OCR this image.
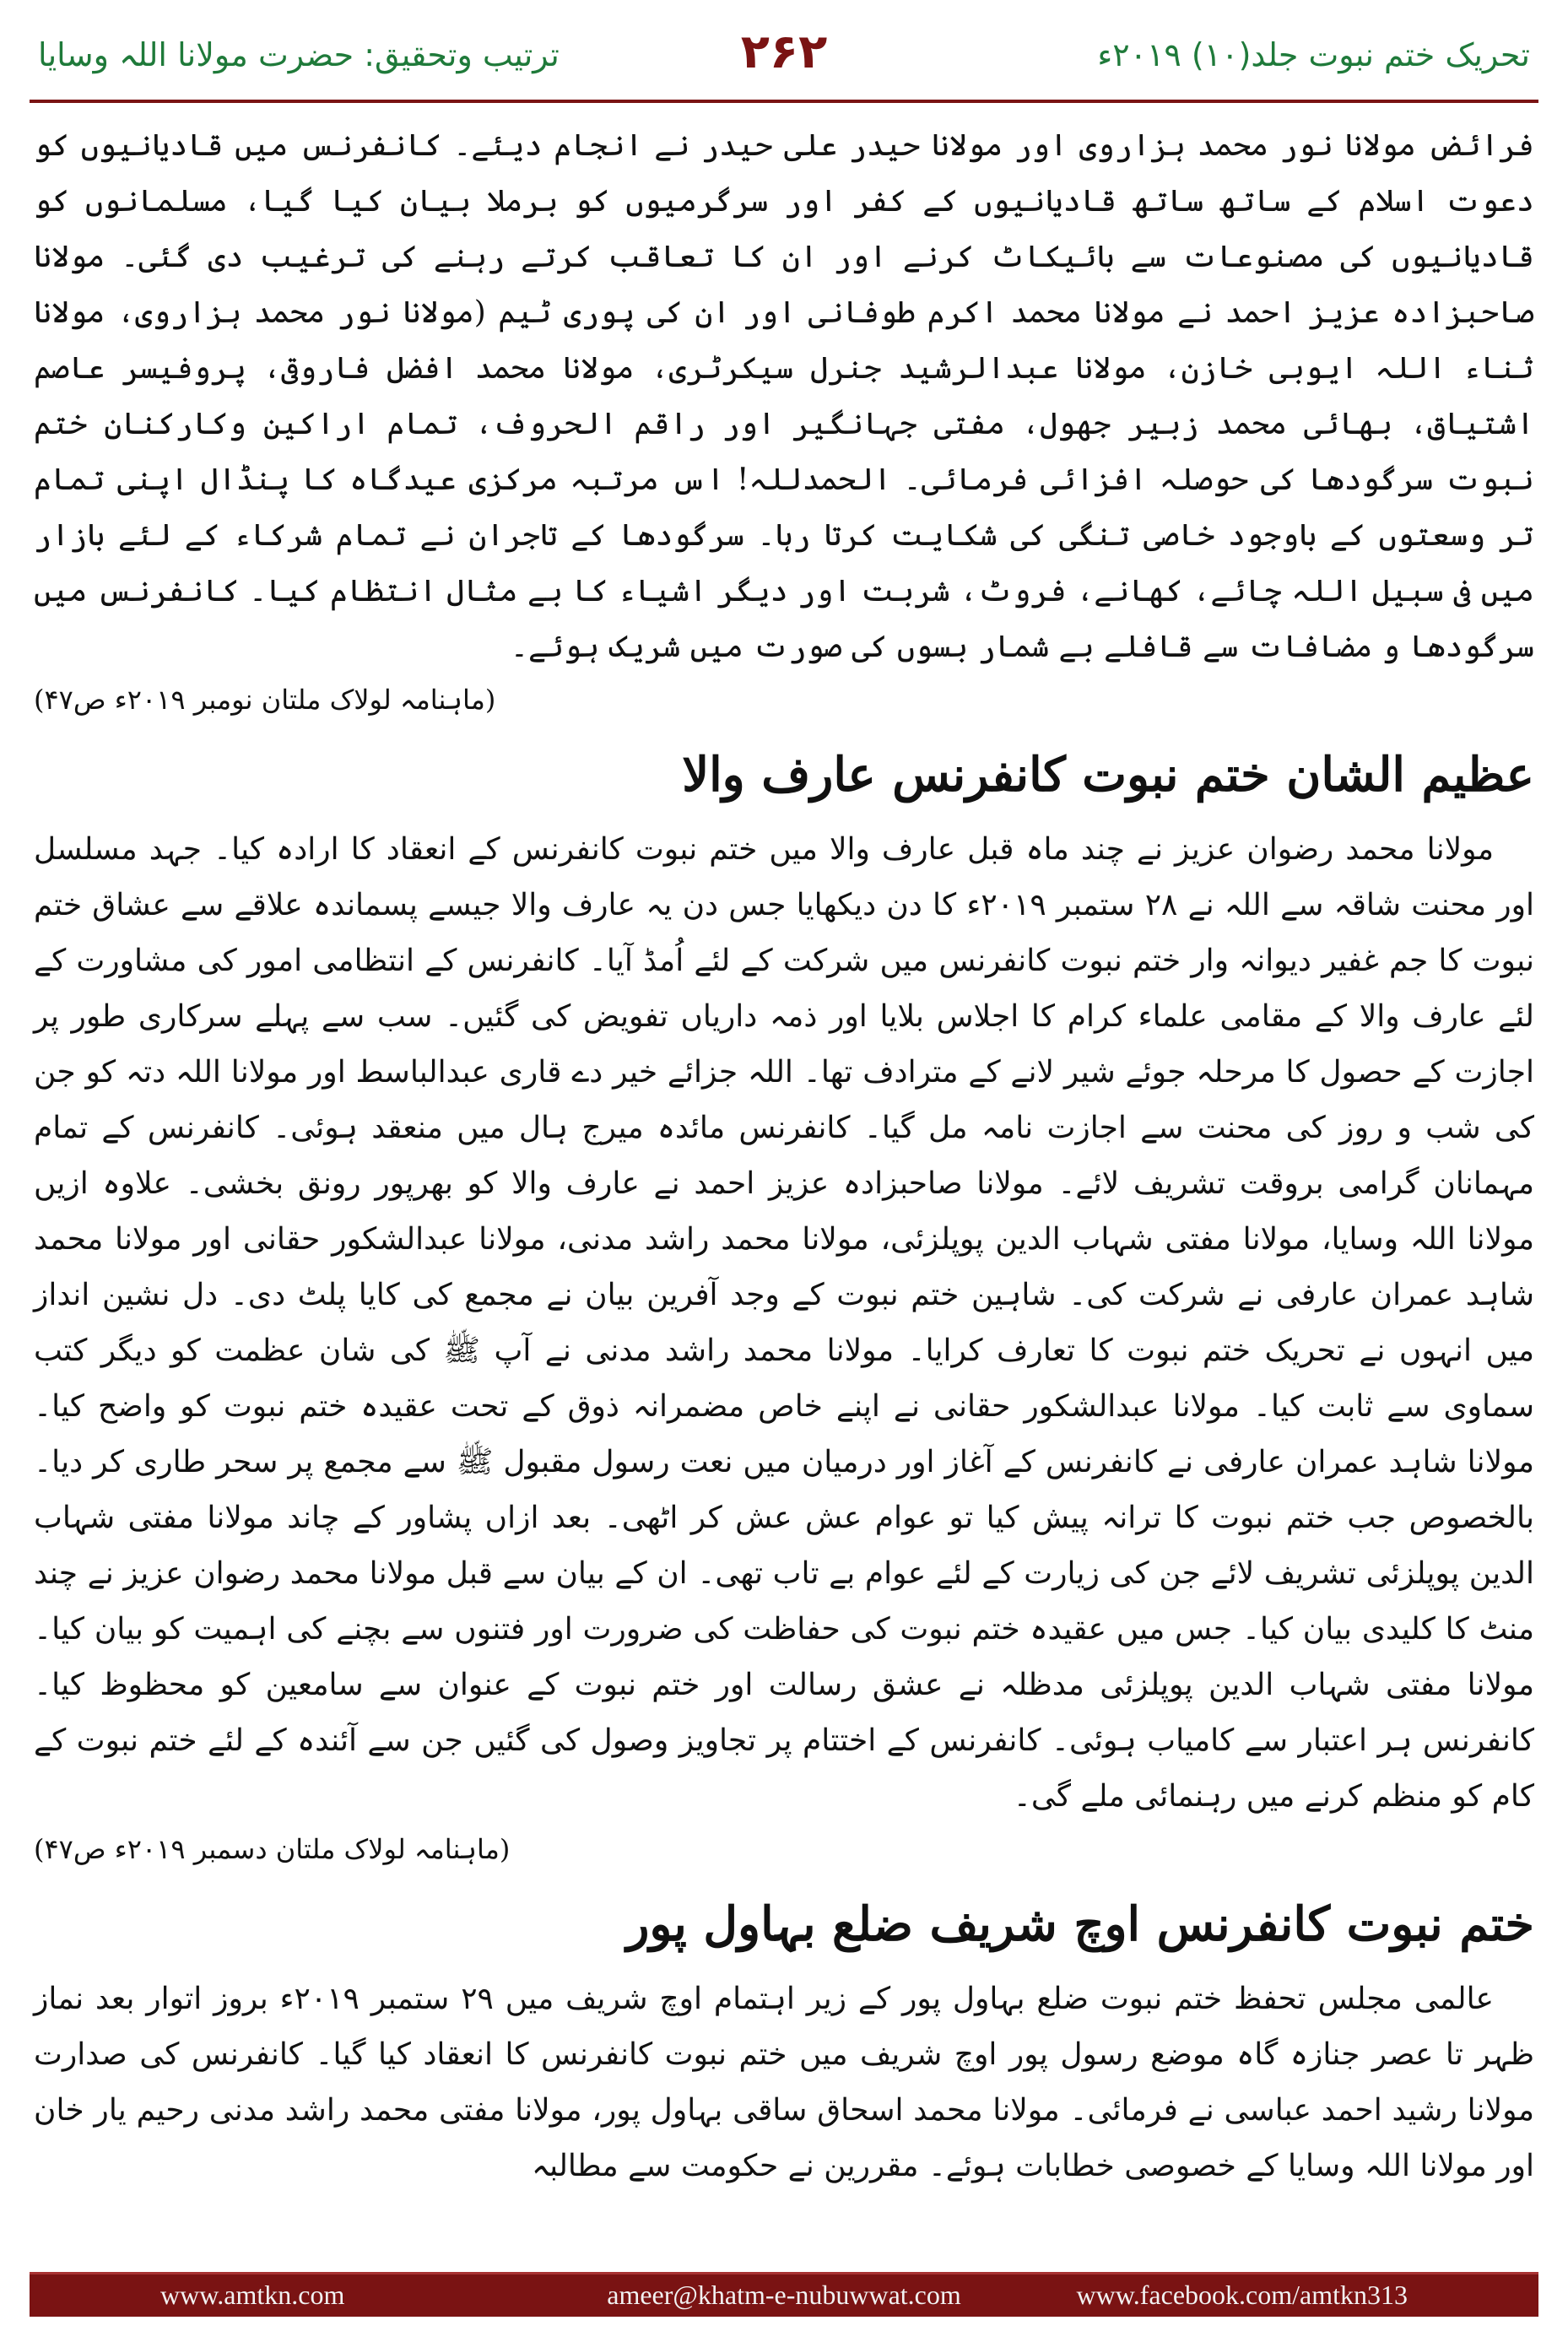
ترتیب وتحقیق: حضرت مولانا اللہ وسایا	۲۶۲	تحریک ختم نبوت جلد(۱۰) ۲۰۱۹ء

فرائض مولانا نور محمد ہزاروی اور مولانا حیدر علی حیدر نے انجام دیئے۔ کانفرنس میں قادیانیوں کو دعوت اسلام کے ساتھ ساتھ قادیانیوں کے کفر اور سرگرمیوں کو برملا بیان کیا گیا، مسلمانوں کو قادیانیوں کی مصنوعات سے بائیکاٹ کرنے اور ان کا تعاقب کرتے رہنے کی ترغیب دی گئی۔ مولانا صاحبزادہ عزیز احمد نے مولانا محمد اکرم طوفانی اور ان کی پوری ٹیم (مولانا نور محمد ہزاروی، مولانا ثناء اللہ ایوبی خازن، مولانا عبدالرشید جنرل سیکرٹری، مولانا محمد افضل فاروقی، پروفیسر عاصم اشتیاق، بھائی محمد زبیر جھول، مفتی جہانگیر اور راقم الحروف، تمام اراکین وکارکنان ختم نبوت سرگودھا کی حوصلہ افزائی فرمائی۔ الحمدللہ! اس مرتبہ مرکزی عیدگاہ کا پنڈال اپنی تمام تر وسعتوں کے باوجود خاصی تنگی کی شکایت کرتا رہا۔ سرگودھا کے تاجران نے تمام شرکاء کے لئے بازار میں فی سبیل اللہ چائے، کھانے، فروٹ، شربت اور دیگر اشیاء کا بے مثال انتظام کیا۔ کانفرنس میں سرگودھا و مضافات سے قافلے بے شمار بسوں کی صورت میں شریک ہوئے۔

(ماہنامہ لولاک ملتان نومبر ۲۰۱۹ء ص۴۷)

عظیم الشان ختم نبوت کانفرنس عارف والا

مولانا محمد رضوان عزیز نے چند ماہ قبل عارف والا میں ختم نبوت کانفرنس کے انعقاد کا ارادہ کیا۔ جہد مسلسل اور محنت شاقہ سے اللہ نے ۲۸ ستمبر ۲۰۱۹ء کا دن دیکھایا جس دن یہ عارف والا جیسے پسماندہ علاقے سے عشاق ختم نبوت کا جم غفیر دیوانہ وار ختم نبوت کانفرنس میں شرکت کے لئے اُمڈ آیا۔ کانفرنس کے انتظامی امور کی مشاورت کے لئے عارف والا کے مقامی علماء کرام کا اجلاس بلایا اور ذمہ داریاں تفویض کی گئیں۔ سب سے پہلے سرکاری طور پر اجازت کے حصول کا مرحلہ جوئے شیر لانے کے مترادف تھا۔ اللہ جزائے خیر دے قاری عبدالباسط اور مولانا اللہ دتہ کو جن کی شب و روز کی محنت سے اجازت نامہ مل گیا۔ کانفرنس مائدہ میرج ہال میں منعقد ہوئی۔ کانفرنس کے تمام مہمانان گرامی بروقت تشریف لائے۔ مولانا صاحبزادہ عزیز احمد نے عارف والا کو بھرپور رونق بخشی۔ علاوہ ازیں مولانا اللہ وسایا، مولانا مفتی شہاب الدین پوپلزئی، مولانا محمد راشد مدنی، مولانا عبدالشکور حقانی اور مولانا محمد شاہد عمران عارفی نے شرکت کی۔ شاہین ختم نبوت کے وجد آفرین بیان نے مجمع کی کایا پلٹ دی۔ دل نشین انداز میں انہوں نے تحریک ختم نبوت کا تعارف کرایا۔ مولانا محمد راشد مدنی نے آپ ﷺ کی شان عظمت کو دیگر کتب سماوی سے ثابت کیا۔ مولانا عبدالشکور حقانی نے اپنے خاص مضمرانہ ذوق کے تحت عقیدہ ختم نبوت کو واضح کیا۔ مولانا شاہد عمران عارفی نے کانفرنس کے آغاز اور درمیان میں نعت رسول مقبول ﷺ سے مجمع پر سحر طاری کر دیا۔ بالخصوص جب ختم نبوت کا ترانہ پیش کیا تو عوام عش عش کر اٹھی۔ بعد ازاں پشاور کے چاند مولانا مفتی شہاب الدین پوپلزئی تشریف لائے جن کی زیارت کے لئے عوام بے تاب تھی۔ ان کے بیان سے قبل مولانا محمد رضوان عزیز نے چند منٹ کا کلیدی بیان کیا۔ جس میں عقیدہ ختم نبوت کی حفاظت کی ضرورت اور فتنوں سے بچنے کی اہمیت کو بیان کیا۔ مولانا مفتی شہاب الدین پوپلزئی مدظلہ نے عشق رسالت اور ختم نبوت کے عنوان سے سامعین کو محظوظ کیا۔ کانفرنس ہر اعتبار سے کامیاب ہوئی۔ کانفرنس کے اختتام پر تجاویز وصول کی گئیں جن سے آئندہ کے لئے ختم نبوت کے کام کو منظم کرنے میں رہنمائی ملے گی۔

(ماہنامہ لولاک ملتان دسمبر ۲۰۱۹ء ص۴۷)

ختم نبوت کانفرنس اوچ شریف ضلع بہاول پور

عالمی مجلس تحفظ ختم نبوت ضلع بہاول پور کے زیر اہتمام اوچ شریف میں ۲۹ ستمبر ۲۰۱۹ء بروز اتوار بعد نماز ظہر تا عصر جنازہ گاہ موضع رسول پور اوچ شریف میں ختم نبوت کانفرنس کا انعقاد کیا گیا۔ کانفرنس کی صدارت مولانا رشید احمد عباسی نے فرمائی۔ مولانا محمد اسحاق ساقی بہاول پور، مولانا مفتی محمد راشد مدنی رحیم یار خان اور مولانا اللہ وسایا کے خصوصی خطابات ہوئے۔ مقررین نے حکومت سے مطالبہ

www.amtkn.com	ameer@khatm-e-nubuwwat.com	www.facebook.com/amtkn313
